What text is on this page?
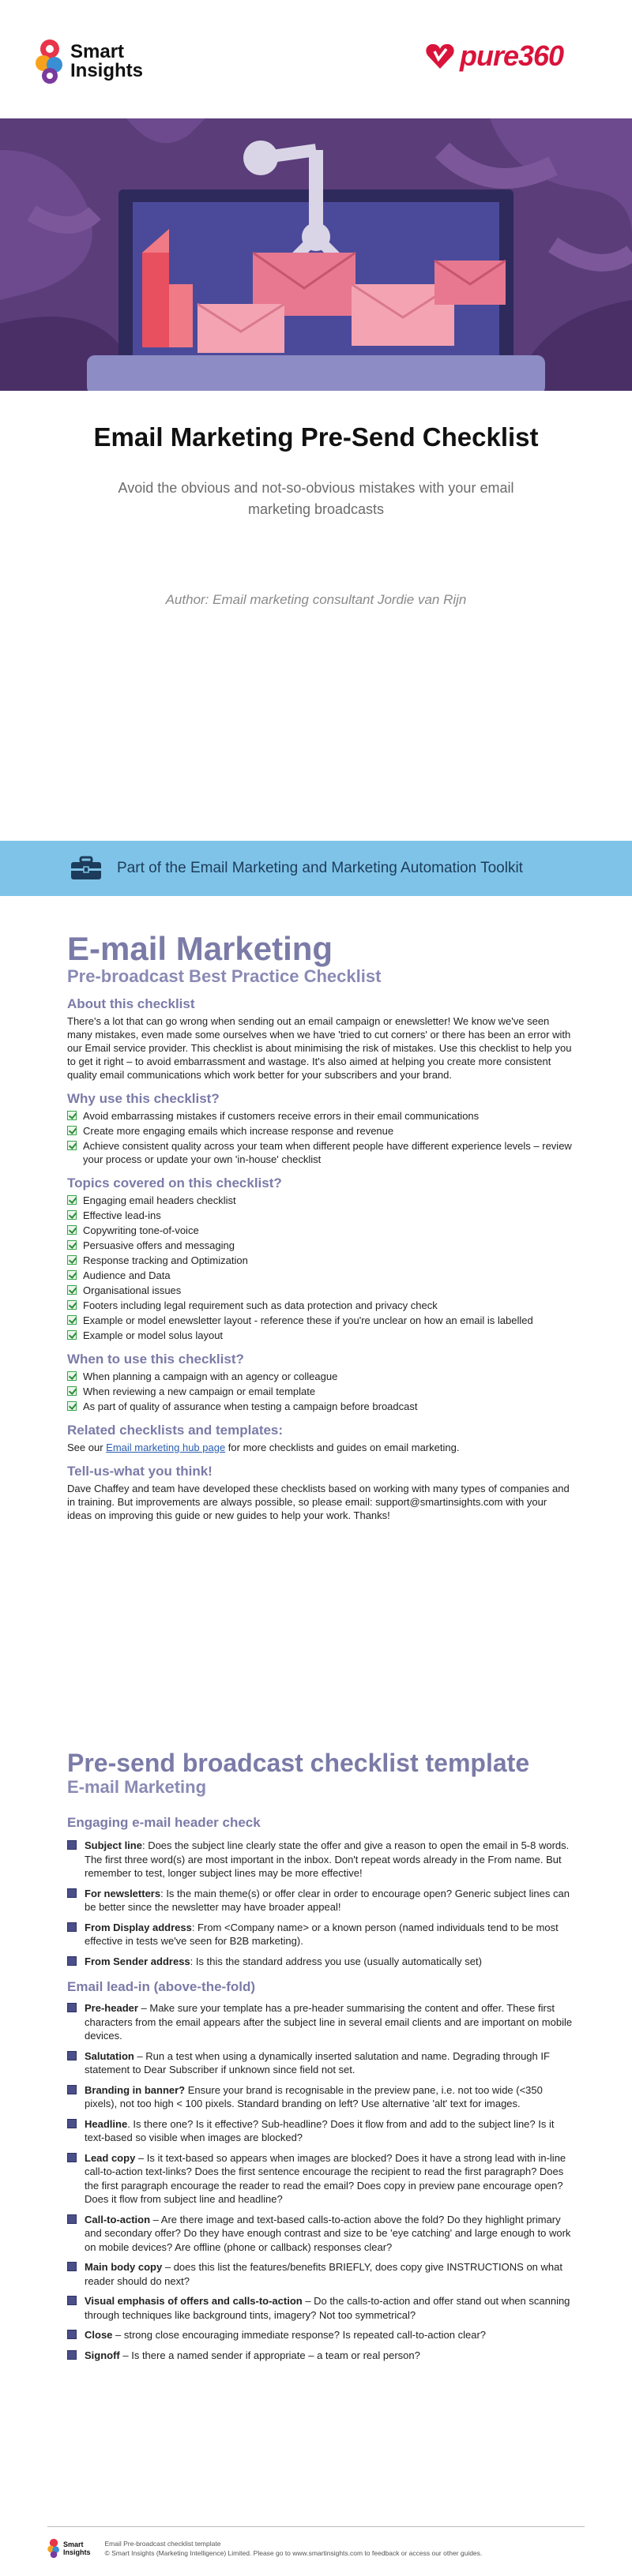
Smart
Insights	pure360
Email Marketing Pre-Send Checklist

Avoid the obvious and not-so-obvious mistakes with your email marketing broadcasts

Author: Email marketing consultant Jordie van Rijn

Part of the Email Marketing and Marketing Automation Toolkit
E-mail Marketing
Pre-broadcast Best Practice Checklist
About this checklist

There's a lot that can go wrong when sending out an email campaign or enewsletter! We know we've seen many mistakes, even made some ourselves when we have 'tried to cut corners' or there has been an error with our Email service provider. This checklist is about minimising the risk of mistakes. Use this checklist to help you to get it right – to avoid embarrassment and wastage. It's also aimed at helping you create more consistent quality email communications which work better for your subscribers and your brand.

Why use this checklist?
Avoid embarrassing mistakes if customers receive errors in their email communications
Create more engaging emails which increase response and revenue
Achieve consistent quality across your team when different people have different experience levels – review your process or update your own 'in-house' checklist
Topics covered on this checklist?
Engaging email headers checklist
Effective lead-ins
Copywriting tone-of-voice
Persuasive offers and messaging
Response tracking and Optimization
Audience and Data
Organisational issues
Footers including legal requirement such as data protection and privacy check
Example or model enewsletter layout - reference these if you're unclear on how an email is labelled
Example or model solus layout
When to use this checklist?
When planning a campaign with an agency or colleague
When reviewing a new campaign or email template
As part of quality of assurance when testing a campaign before broadcast
Related checklists and templates:

See our Email marketing hub page for more checklists and guides on email marketing.

Tell-us-what you think!

Dave Chaffey and team have developed these checklists based on working with many types of companies and in training. But improvements are always possible, so please email: support@smartinsights.com with your ideas on improving this guide or new guides to help your work. Thanks!

Pre-send broadcast checklist template
E-mail Marketing
Engaging e-mail header check
Subject line: Does the subject line clearly state the offer and give a reason to open the email in 5-8 words. The first three word(s) are most important in the inbox. Don't repeat words already in the From name. But remember to test, longer subject lines may be more effective!
For newsletters: Is the main theme(s) or offer clear in order to encourage open? Generic subject lines can be better since the newsletter may have broader appeal!
From Display address: From <Company name> or a known person (named individuals tend to be most effective in tests we've seen for B2B marketing).
From Sender address: Is this the standard address you use (usually automatically set)
Email lead-in (above-the-fold)
Pre-header – Make sure your template has a pre-header summarising the content and offer. These first characters from the email appears after the subject line in several email clients and are important on mobile devices.
Salutation – Run a test when using a dynamically inserted salutation and name. Degrading through IF statement to Dear Subscriber if unknown since field not set.
Branding in banner? Ensure your brand is recognisable in the preview pane, i.e. not too wide (<350 pixels), not too high < 100 pixels. Standard branding on left? Use alternative 'alt' text for images.
Headline. Is there one? Is it effective? Sub-headline? Does it flow from and add to the subject line? Is it text-based so visible when images are blocked?
Lead copy – Is it text-based so appears when images are blocked? Does it have a strong lead with in-line call-to-action text-links? Does the first sentence encourage the recipient to read the first paragraph? Does the first paragraph encourage the reader to read the email? Does copy in preview pane encourage open? Does it flow from subject line and headline?
Call-to-action – Are there image and text-based calls-to-action above the fold? Do they highlight primary and secondary offer? Do they have enough contrast and size to be 'eye catching' and large enough to work on mobile devices? Are offline (phone or callback) responses clear?
Main body copy – does this list the features/benefits BRIEFLY, does copy give INSTRUCTIONS on what reader should do next?
Visual emphasis of offers and calls-to-action – Do the calls-to-action and offer stand out when scanning through techniques like background tints, imagery? Not too symmetrical?
Close – strong close encouraging immediate response? Is repeated call-to-action clear?
Signoff – Is there a named sender if appropriate – a team or real person?
Smart
Insights
Email Pre-broadcast checklist template
© Smart Insights (Marketing Intelligence) Limited. Please go to www.smartinsights.com to feedback or access our other guides.
